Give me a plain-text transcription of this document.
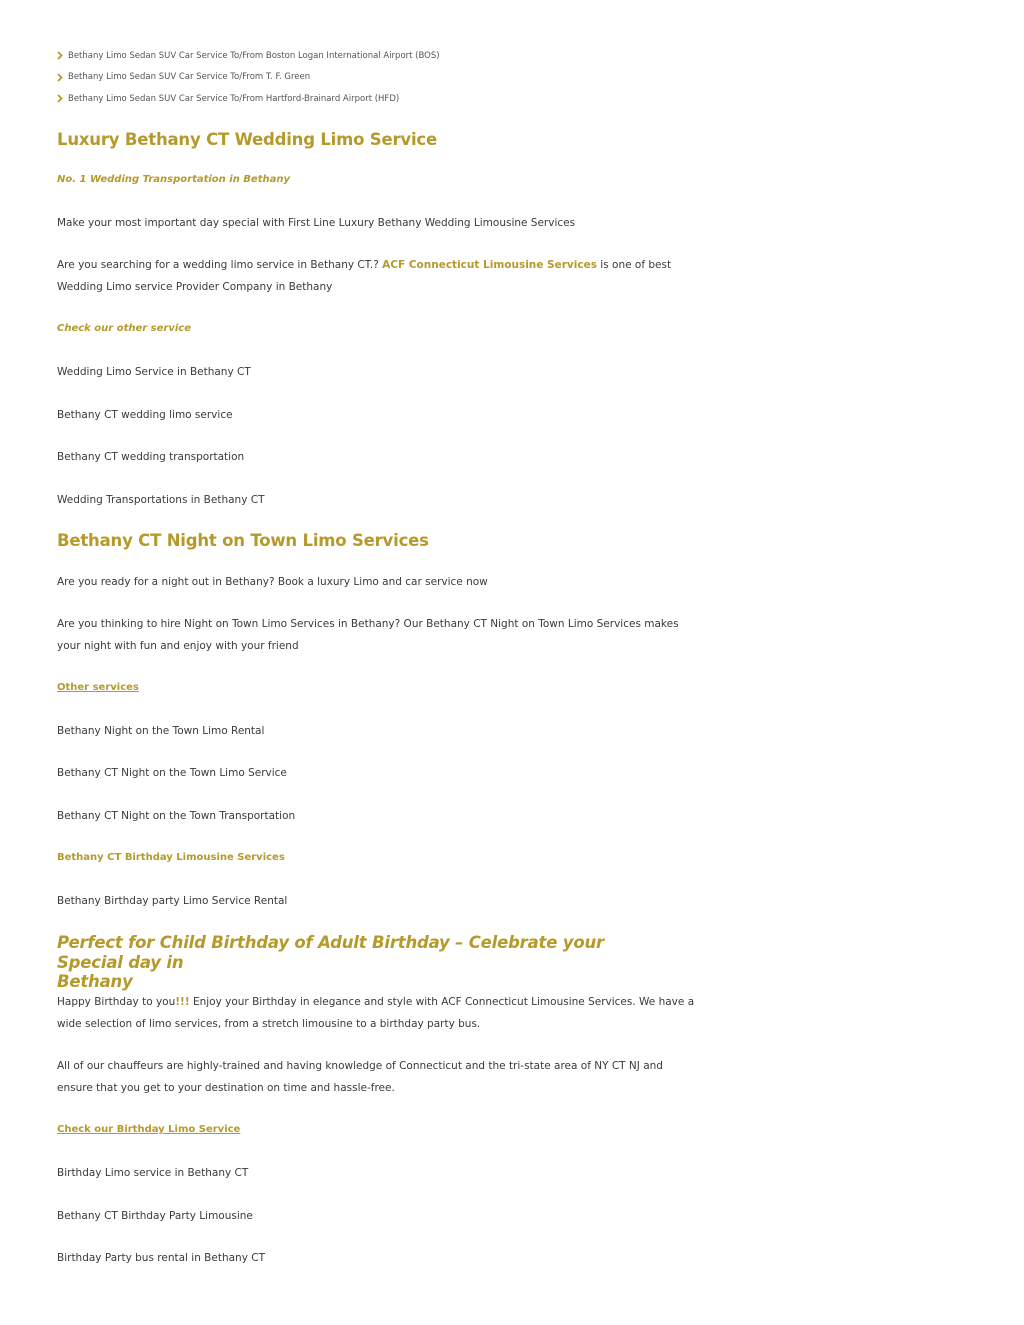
Bethany Limo Sedan SUV Car Service To/From Boston Logan International Airport (BOS)
Bethany Limo Sedan SUV Car Service To/From T. F. Green
Bethany Limo Sedan SUV Car Service To/From Hartford-Brainard Airport (HFD)
Luxury Bethany CT Wedding Limo Service
No. 1 Wedding Transportation in Bethany
Make your most important day special with First Line Luxury Bethany Wedding Limousine Services
Are you searching for a wedding limo service in Bethany CT.? ACF Connecticut Limousine Services is one of best
Wedding Limo service Provider Company in Bethany
Check our other service
Wedding Limo Service in Bethany CT
Bethany CT wedding limo service
Bethany CT wedding transportation
Wedding Transportations in Bethany CT
Bethany CT Night on Town Limo Services
Are you ready for a night out in Bethany? Book a luxury Limo and car service now
Are you thinking to hire Night on Town Limo Services in Bethany? Our Bethany CT Night on Town Limo Services makes
your night with fun and enjoy with your friend
Other services
Bethany Night on the Town Limo Rental
Bethany CT Night on the Town Limo Service
Bethany CT Night on the Town Transportation
Bethany CT Birthday Limousine Services
Bethany Birthday party Limo Service Rental
Perfect for Child Birthday of Adult Birthday – Celebrate your Special day in
Bethany
Happy Birthday to you!!! Enjoy your Birthday in elegance and style with ACF Connecticut Limousine Services. We have a
wide selection of limo services, from a stretch limousine to a birthday party bus.
All of our chauffeurs are highly-trained and having knowledge of Connecticut and the tri-state area of NY CT NJ and
ensure that you get to your destination on time and hassle-free.
Check our Birthday Limo Service
Birthday Limo service in Bethany CT
Bethany CT Birthday Party Limousine
Birthday Party bus rental in Bethany CT
